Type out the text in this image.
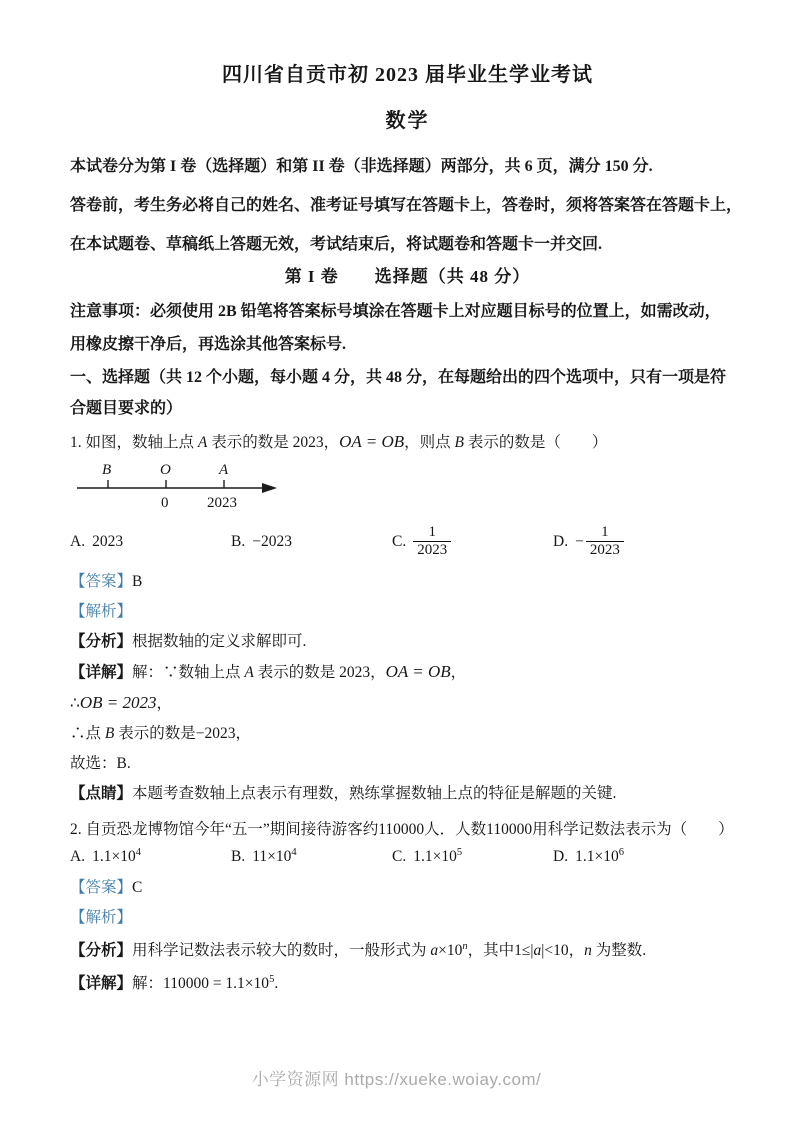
四川省自贡市初 2023 届毕业生学业考试
数学
本试卷分为第 I 卷（选择题）和第 II 卷（非选择题）两部分，共 6 页，满分 150 分.
答卷前，考生务必将自己的姓名、准考证号填写在答题卡上，答卷时，须将答案答在答题卡上，
在本试题卷、草稿纸上答题无效，考试结束后，将试题卷和答题卡一并交回.
第 I 卷　　选择题（共 48 分）
注意事项：必须使用 2B 铅笔将答案标号填涂在答题卡上对应题目标号的位置上，如需改动，
用橡皮擦干净后，再选涂其他答案标号.
一、选择题（共 12 个小题，每小题 4 分，共 48 分，在每题给出的四个选项中，只有一项是符
合题目要求的）
1. 如图，数轴上点 A 表示的数是 2023，OA = OB，则点 B 表示的数是（　　）
B	O	A
0	2023
A. 2023	B. −2023	C. $\frac{1}{2023}$	D. − $\frac{1}{2023}$
【答案】B
【解析】
【分析】根据数轴的定义求解即可.
【详解】解：∵数轴上点 A 表示的数是 2023，OA = OB，
∴OB = 2023，
∴点 B 表示的数是−2023，
故选：B.
【点睛】本题考查数轴上点表示有理数，熟练掌握数轴上点的特征是解题的关键.
2. 自贡恐龙博物馆今年“五一”期间接待游客约110000人．人数110000用科学记数法表示为（　　）
A. $1.1\times 10^4$	B. $11\times 10^4$	C. $1.1\times 10^5$	D. $1.1\times 10^6$
【答案】C
【解析】
【分析】用科学记数法表示较大的数时，一般形式为 $a\times 10^n$，其中1≤|a|<10，n 为整数.
【详解】解：$110000 = 1.1\times 10^5$.
小学资源网 https://xueke.woiay.com/
